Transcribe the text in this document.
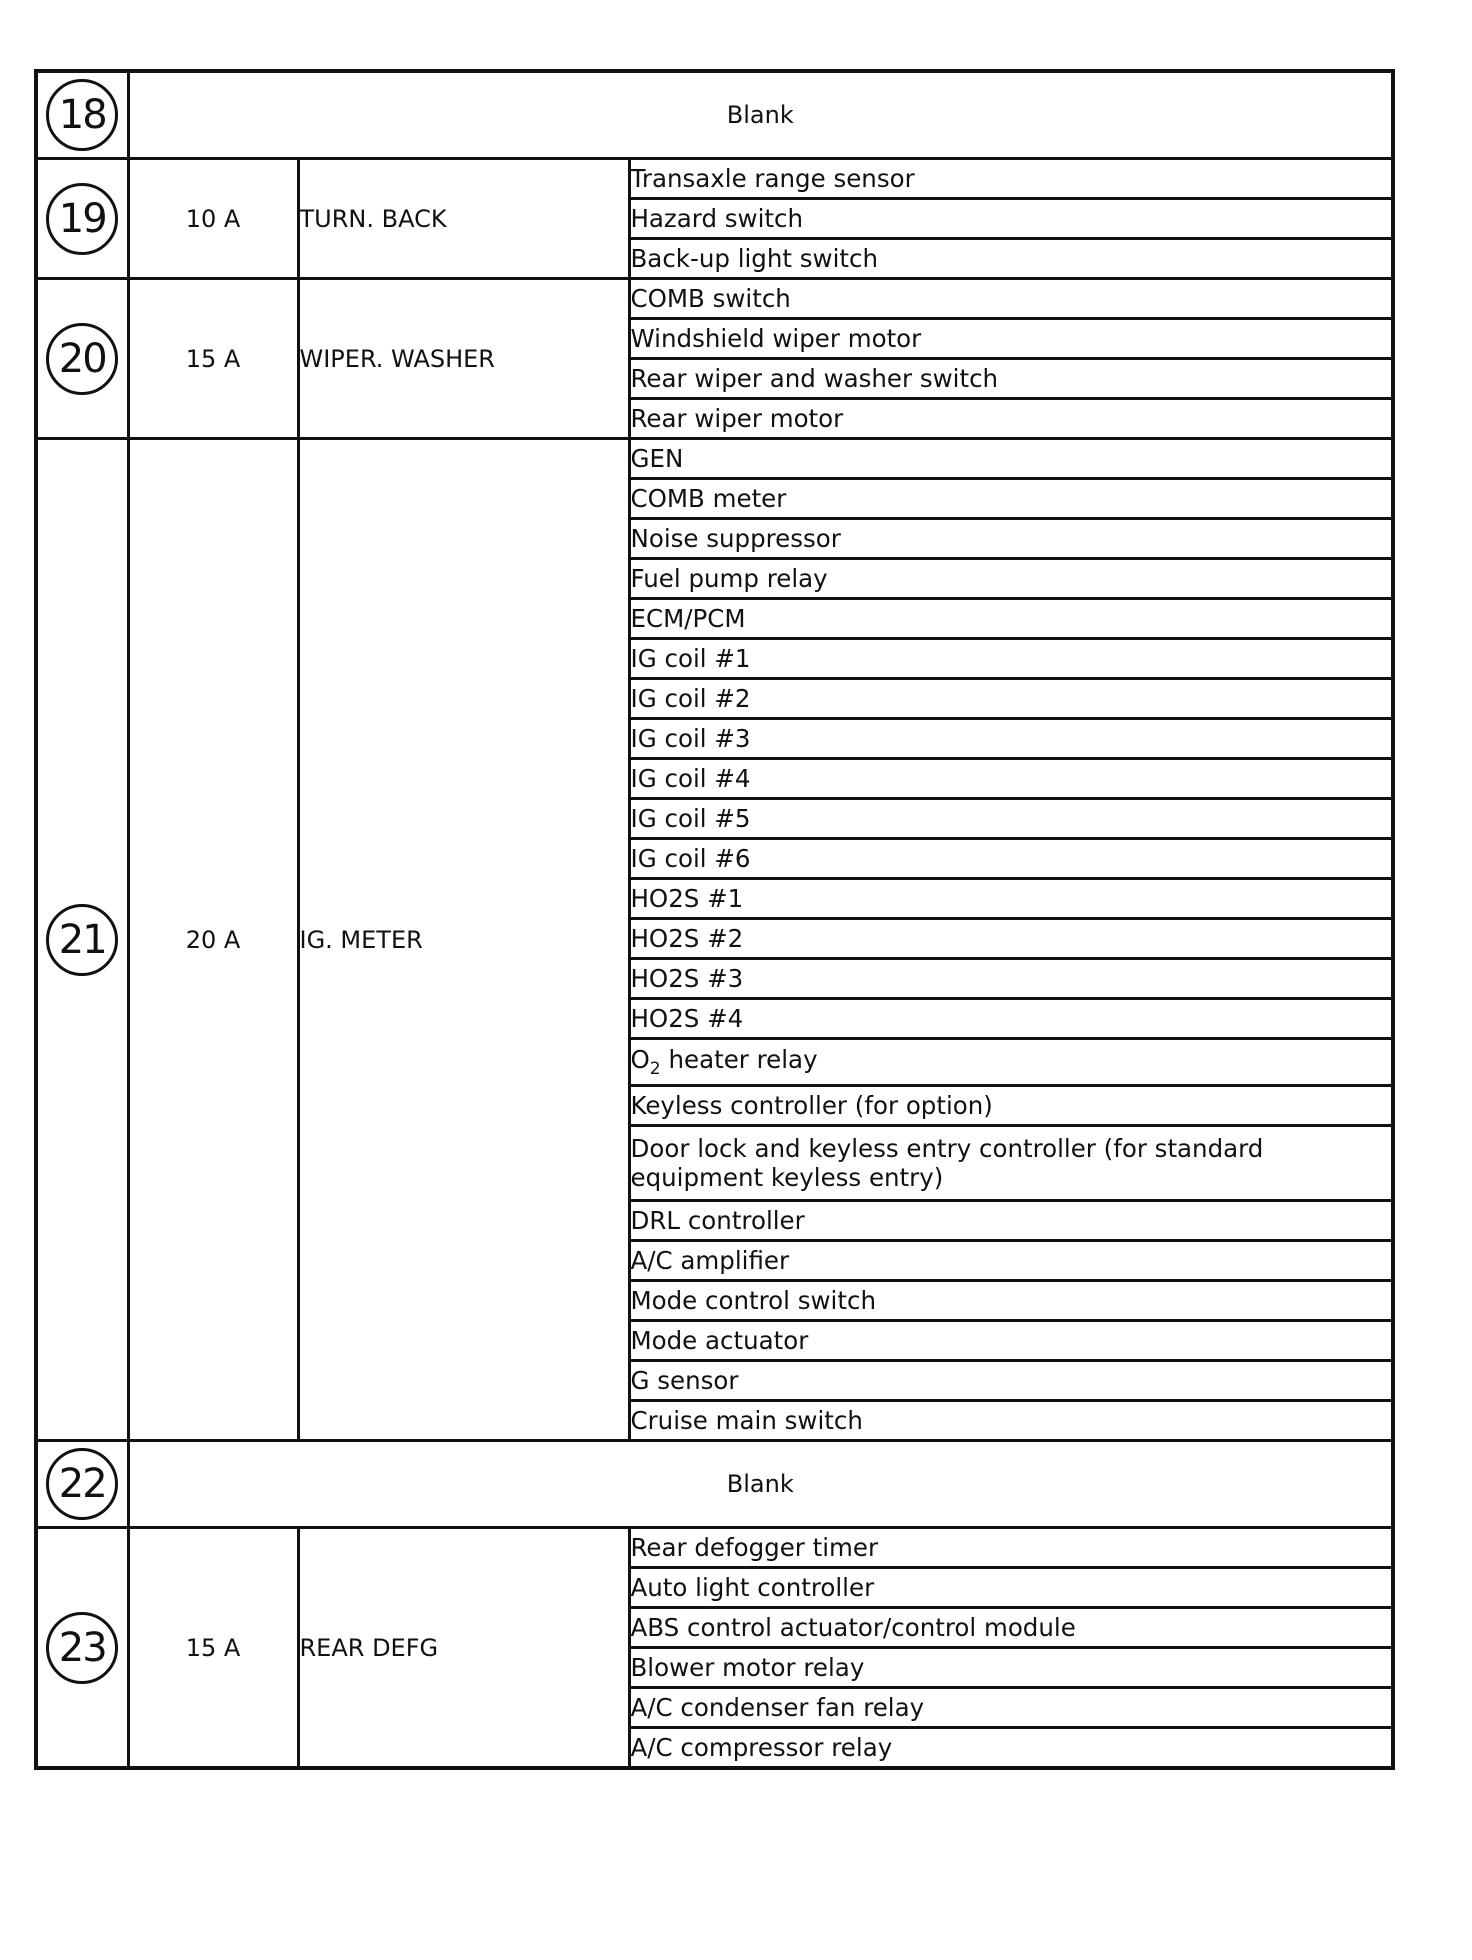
18	Blank		
19	10 A	TURN. BACK	Transaxle range sensor
			Hazard switch
			Back-up light switch
20	15 A	WIPER. WASHER	COMB switch
			Windshield wiper motor
			Rear wiper and washer switch
			Rear wiper motor
21	20 A	IG. METER	GEN
			COMB meter
			Noise suppressor
			Fuel pump relay
			ECM/PCM
			IG coil #1
			IG coil #2
			IG coil #3
			IG coil #4
			IG coil #5
			IG coil #6
			HO2S #1
			HO2S #2
			HO2S #3
			HO2S #4
			$O_2$ heater relay
			Keyless controller (for option)
			Door lock and keyless entry controller (for standard equipment keyless entry)
			DRL controller
			A/C amplifier
			Mode control switch
			Mode actuator
			G sensor
			Cruise main switch
22	Blank		
23	15 A	REAR DEFG	Rear defogger timer
			Auto light controller
			ABS control actuator/control module
			Blower motor relay
			A/C condenser fan relay
			A/C compressor relay
